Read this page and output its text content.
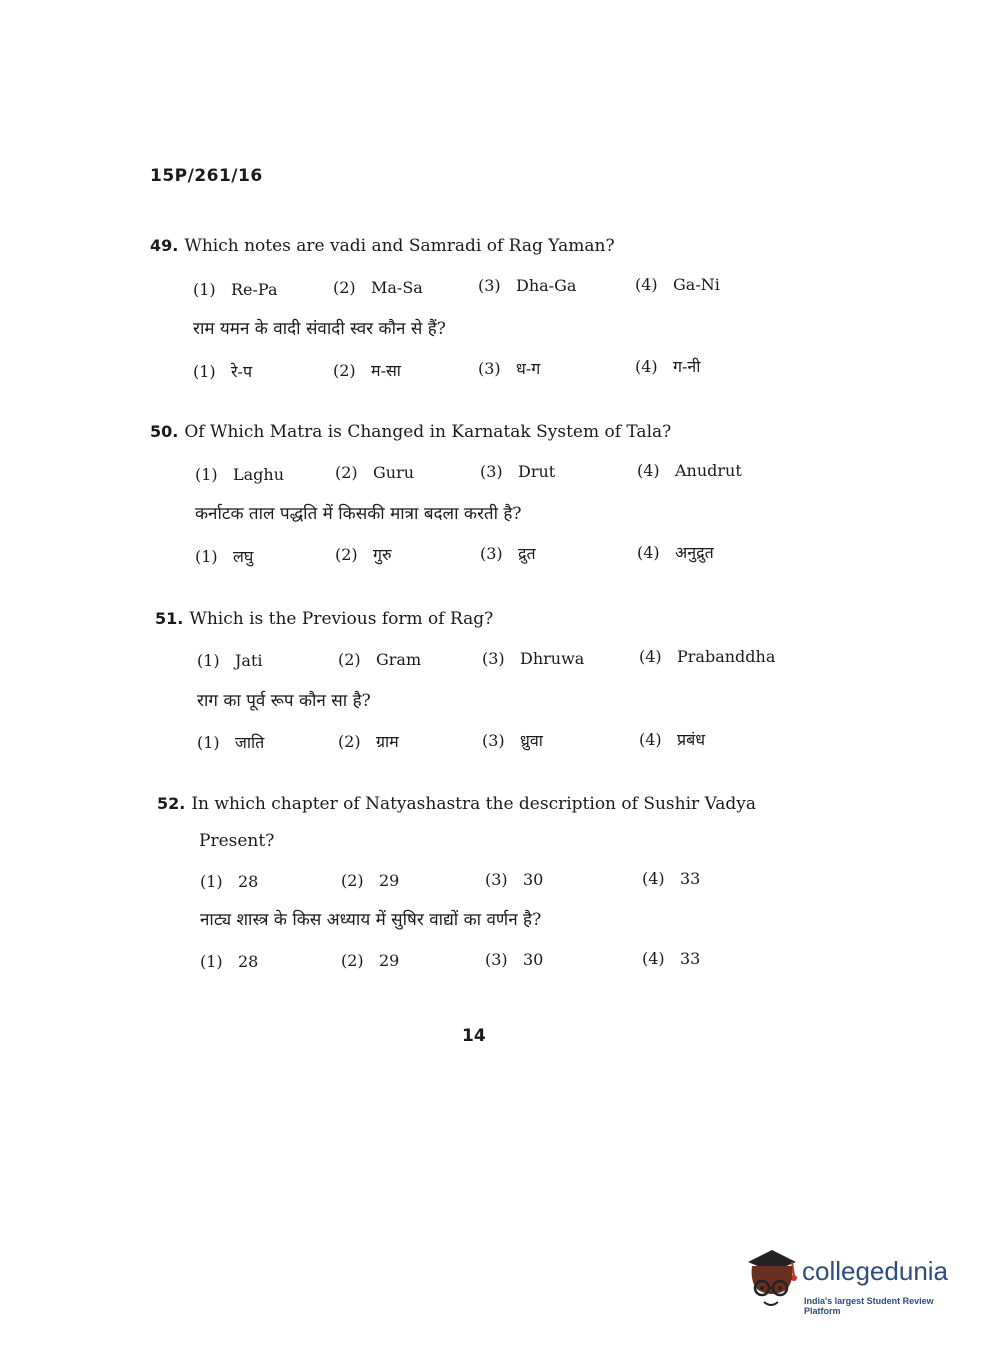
15P/261/16
49. Which notes are vadi and Samradi of Rag Yaman?
(1) Re-Pa	(2) Ma-Sa	(3) Dha-Ga	(4) Ga-Ni
राम यमन के वादी संवादी स्वर कौन से हैं?
(1) रे-प	(2) म-सा	(3) ध-ग	(4) ग-नी
50. Of Which Matra is Changed in Karnatak System of Tala?
(1) Laghu	(2) Guru	(3) Drut	(4) Anudrut
कर्नाटक ताल पद्धति में किसकी मात्रा बदला करती है?
(1) लघु	(2) गुरु	(3) द्रुत	(4) अनुद्रुत
51. Which is the Previous form of Rag?
(1) Jati	(2) Gram	(3) Dhruwa	(4) Prabanddha
राग का पूर्व रूप कौन सा है?
(1) जाति	(2) ग्राम	(3) ध्रुवा	(4) प्रबंध
52. In which chapter of Natyashastra the description of Sushir Vadya
Present?
(1) 28	(2) 29	(3) 30	(4) 33
नाट्य शास्त्र के किस अध्याय में सुषिर वाद्यों का वर्णन है?
(1) 28	(2) 29	(3) 30	(4) 33
14
collegedunia
India's largest Student Review Platform
